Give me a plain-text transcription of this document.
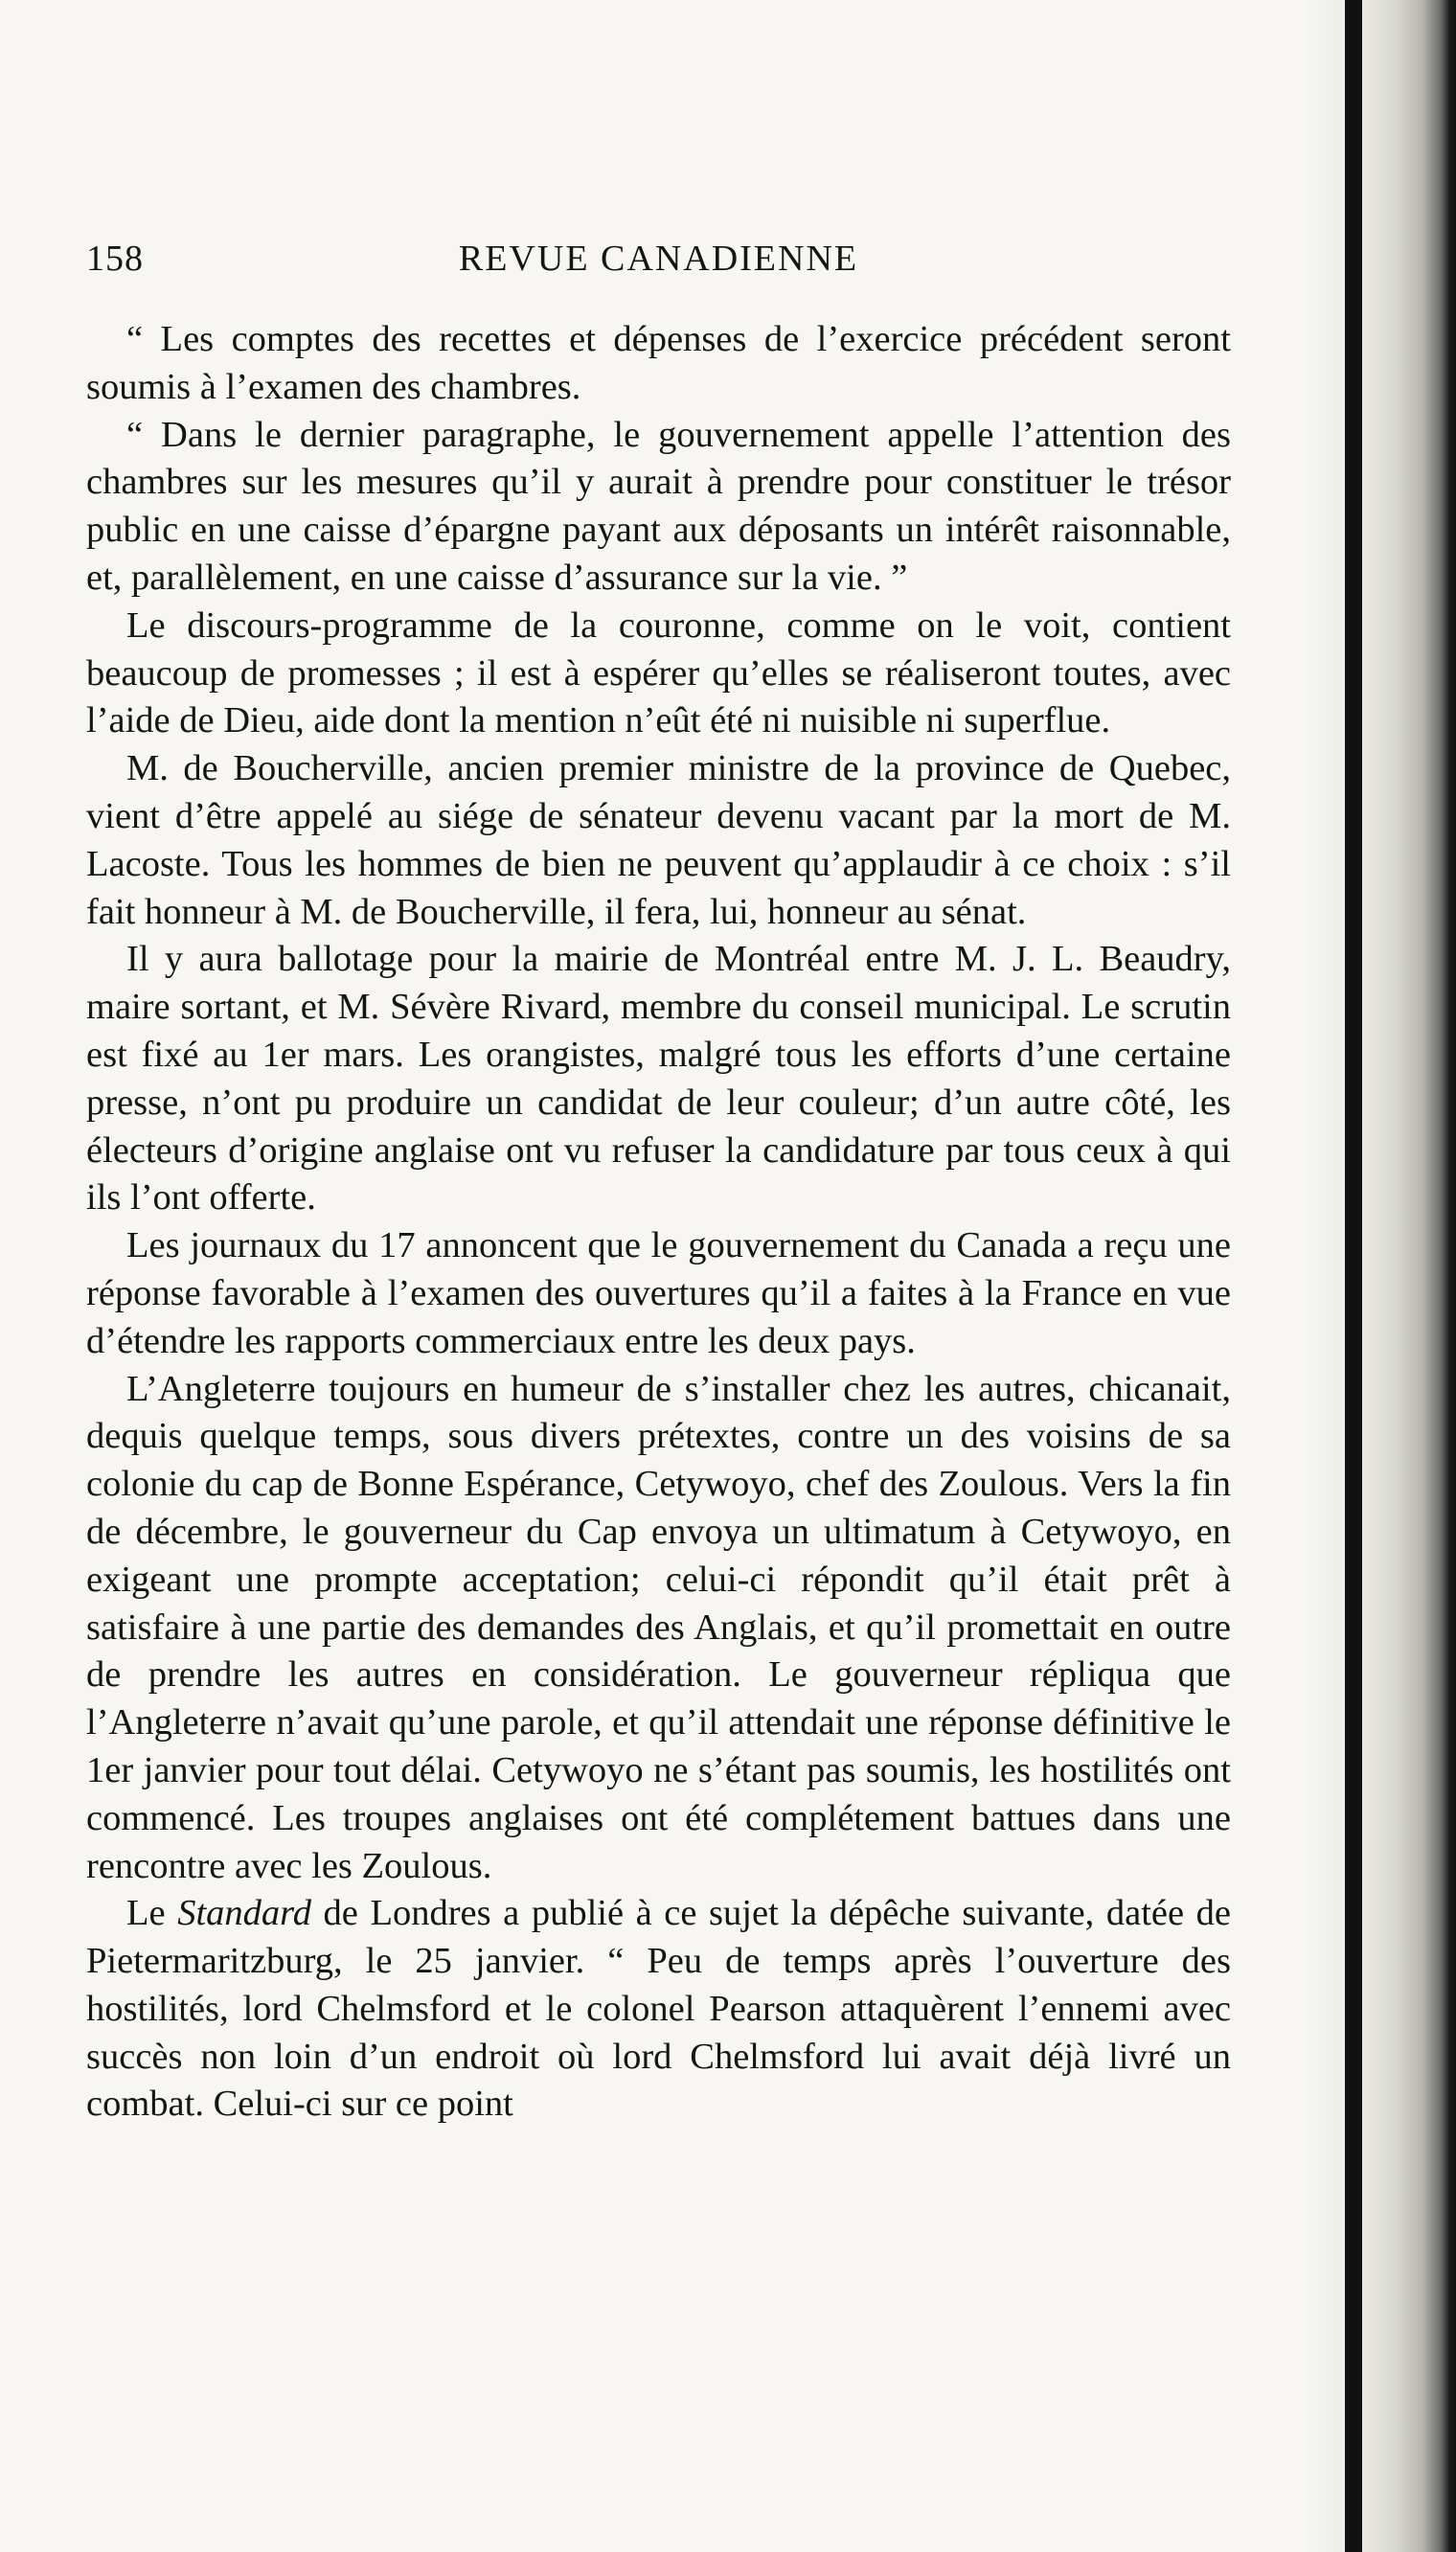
158	REVUE CANADIENNE

“ Les comptes des recettes et dépenses de l’exercice précédent seront soumis à l’examen des chambres.

“ Dans le dernier paragraphe, le gouvernement appelle l’attention des chambres sur les mesures qu’il y aurait à prendre pour constituer le trésor public en une caisse d’épargne payant aux déposants un intérêt raisonnable, et, parallèlement, en une caisse d’assurance sur la vie. ”

Le discours-programme de la couronne, comme on le voit, contient beaucoup de promesses ; il est à espérer qu’elles se réaliseront toutes, avec l’aide de Dieu, aide dont la mention n’eût été ni nuisible ni superflue.

M. de Boucherville, ancien premier ministre de la province de Quebec, vient d’être appelé au siége de sénateur devenu vacant par la mort de M. Lacoste. Tous les hommes de bien ne peuvent qu’applaudir à ce choix : s’il fait honneur à M. de Boucherville, il fera, lui, honneur au sénat.

Il y aura ballotage pour la mairie de Montréal entre M. J. L. Beaudry, maire sortant, et M. Sévère Rivard, membre du conseil municipal. Le scrutin est fixé au 1er mars. Les orangistes, malgré tous les efforts d’une certaine presse, n’ont pu produire un candidat de leur couleur; d’un autre côté, les électeurs d’origine anglaise ont vu refuser la candidature par tous ceux à qui ils l’ont offerte.

Les journaux du 17 annoncent que le gouvernement du Canada a reçu une réponse favorable à l’examen des ouvertures qu’il a faites à la France en vue d’étendre les rapports commerciaux entre les deux pays.

L’Angleterre toujours en humeur de s’installer chez les autres, chicanait, dequis quelque temps, sous divers prétextes, contre un des voisins de sa colonie du cap de Bonne Espérance, Cetywoyo, chef des Zoulous. Vers la fin de décembre, le gouverneur du Cap envoya un ultimatum à Cetywoyo, en exigeant une prompte acceptation; celui-ci répondit qu’il était prêt à satisfaire à une partie des demandes des Anglais, et qu’il promettait en outre de prendre les autres en considération. Le gouverneur répliqua que l’Angleterre n’avait qu’une parole, et qu’il attendait une réponse définitive le 1er janvier pour tout délai. Cetywoyo ne s’étant pas soumis, les hostilités ont commencé. Les troupes anglaises ont été complétement battues dans une rencontre avec les Zoulous.

Le Standard de Londres a publié à ce sujet la dépêche suivante, datée de Pietermaritzburg, le 25 janvier. “ Peu de temps après l’ouverture des hostilités, lord Chelmsford et le colonel Pearson attaquèrent l’ennemi avec succès non loin d’un endroit où lord Chelmsford lui avait déjà livré un combat. Celui-ci sur ce point
